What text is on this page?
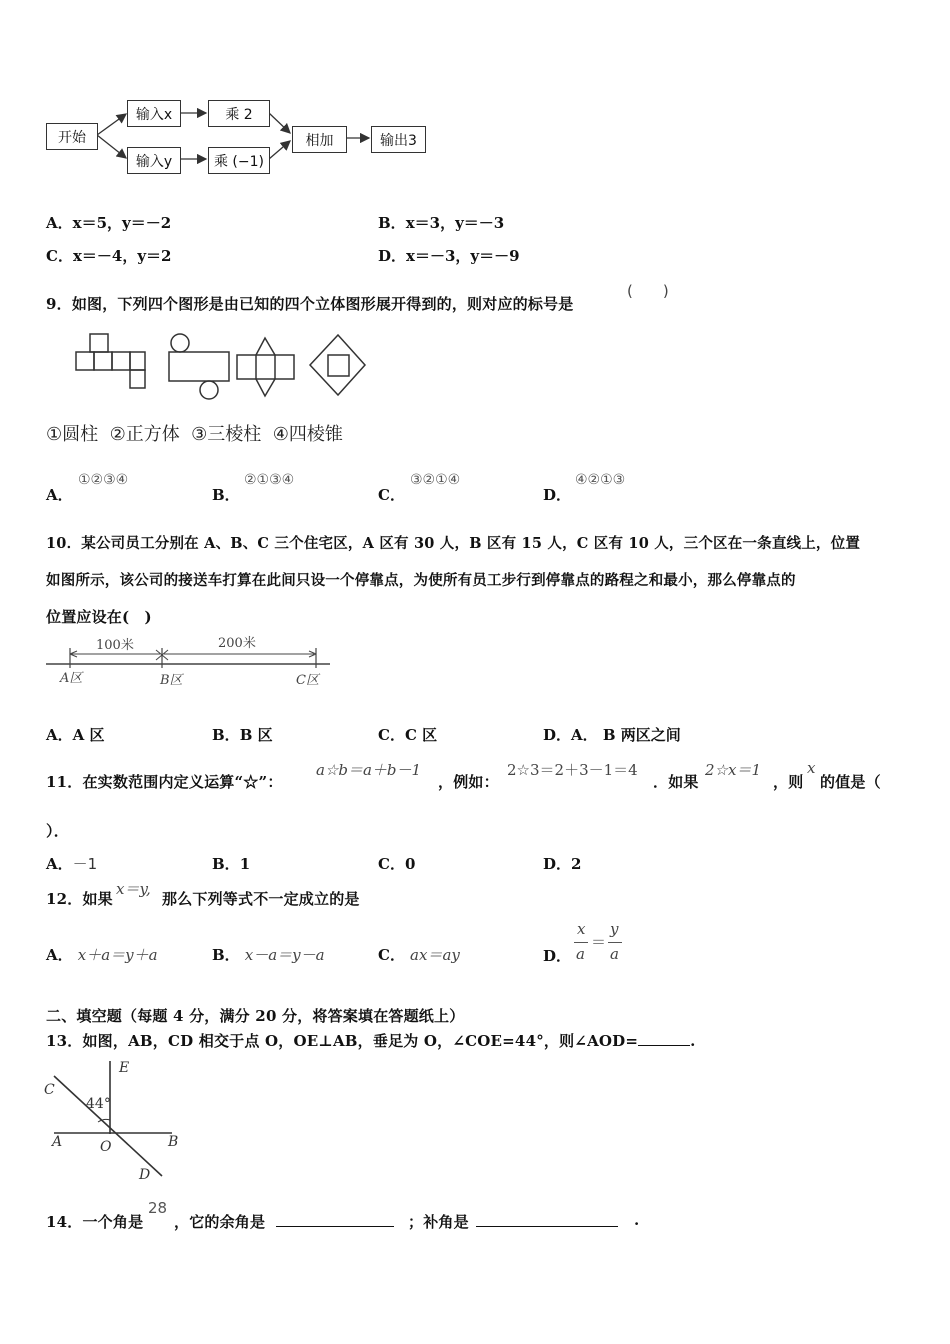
开始
输入x
输入y
乘 2
乘 (−1)
相加	输出3
A．x＝5，y＝－2	B．x＝3，y＝－3
C．x＝－4，y＝2	D．x＝－3，y＝－9
9．如图，下列四个图形是由已知的四个立体图形展开得到的，则对应的标号是
(　　)
①圆柱  ②正方体  ③三棱柱  ④四棱锥
A．
①②③④
B．
②①③④
C．
③②①④
D．
④②①③
10．某公司员工分别在 A、B、C 三个住宅区，A 区有 30 人，B 区有 15 人，C 区有 10 人，三个区在一条直线上，位置
如图所示，该公司的接送车打算在此间只设一个停靠点，为使所有员工步行到停靠点的路程之和最小，那么停靠点的
位置应设在(　)
100米	200米
A区	B区	C区
A．A 区	B．B 区	C．C 区	D．A． B 两区之间
11．在实数范围内定义运算“☆”：
a☆b＝a＋b－1
，例如：
2☆3＝2＋3－1＝4
．如果
2☆x＝1
，则
x
的值是（
）．
A．－1	B．1	C．0	D．2
12．如果
x＝y,
那么下列等式不一定成立的是
A． x＋a＝y＋a	B． x－a＝y－a	C． ax＝ay	D．
x
a
＝
y
a
二、填空题（每题 4 分，满分 20 分，将答案填在答题纸上）
13．如图，AB，CD 相交于点 O，OE⊥AB，垂足为 O，∠COE=44°，则∠AOD=	.
C
E
44°
A	O	B
D
14．一个角是
28
，它的余角是	；补角是	.
